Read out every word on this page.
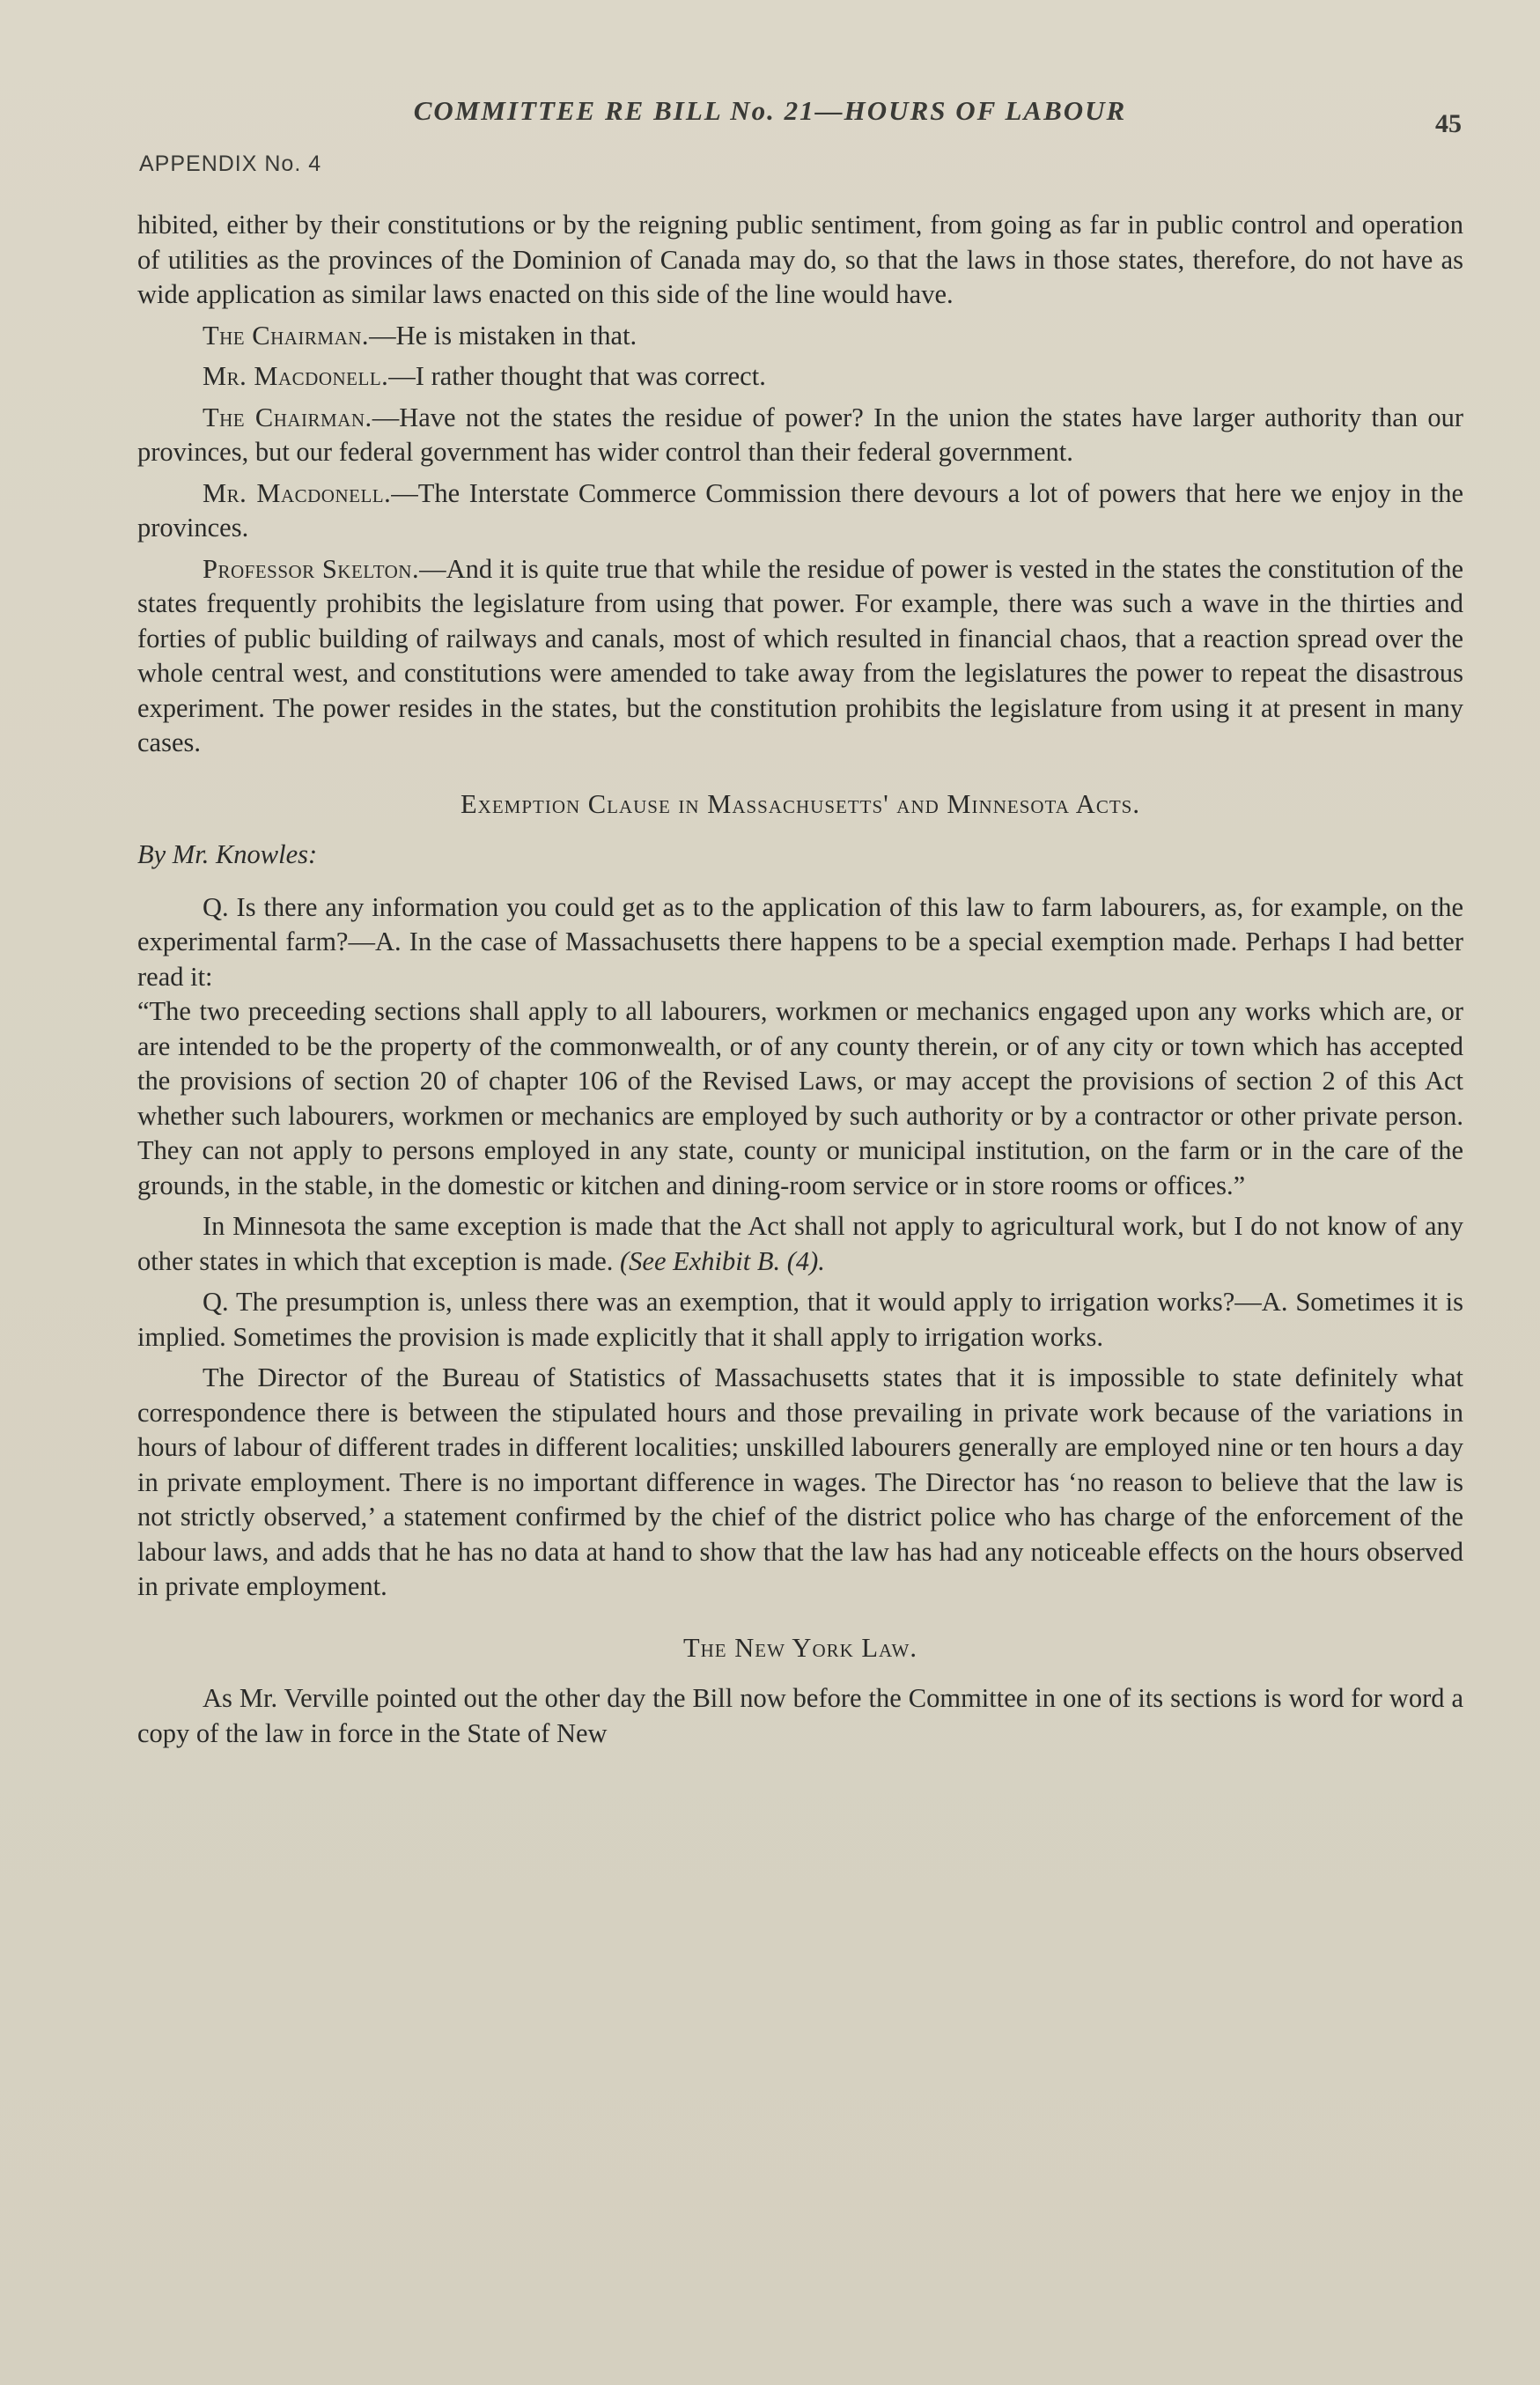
COMMITTEE RE BILL No. 21—HOURS OF LABOUR	45
APPENDIX No. 4

hibited, either by their constitutions or by the reigning public sentiment, from going as far in public control and operation of utilities as the provinces of the Dominion of Canada may do, so that the laws in those states, therefore, do not have as wide application as similar laws enacted on this side of the line would have.

The Chairman.—He is mistaken in that.

Mr. Macdonell.—I rather thought that was correct.

The Chairman.—Have not the states the residue of power? In the union the states have larger authority than our provinces, but our federal government has wider control than their federal government.

Mr. Macdonell.—The Interstate Commerce Commission there devours a lot of powers that here we enjoy in the provinces.

Professor Skelton.—And it is quite true that while the residue of power is vested in the states the constitution of the states frequently prohibits the legislature from using that power. For example, there was such a wave in the thirties and forties of public building of railways and canals, most of which resulted in financial chaos, that a reaction spread over the whole central west, and constitutions were amended to take away from the legislatures the power to repeat the disastrous experiment. The power resides in the states, but the constitution prohibits the legislature from using it at present in many cases.

Exemption Clause in Massachusetts' and Minnesota Acts.

By Mr. Knowles:

Q. Is there any information you could get as to the application of this law to farm labourers, as, for example, on the experimental farm?—A. In the case of Massachusetts there happens to be a special exemption made. Perhaps I had better read it:

“The two preceeding sections shall apply to all labourers, workmen or mechanics engaged upon any works which are, or are intended to be the property of the commonwealth, or of any county therein, or of any city or town which has accepted the provisions of section 20 of chapter 106 of the Revised Laws, or may accept the provisions of section 2 of this Act whether such labourers, workmen or mechanics are employed by such authority or by a contractor or other private person. They can not apply to persons employed in any state, county or municipal institution, on the farm or in the care of the grounds, in the stable, in the domestic or kitchen and dining-room service or in store rooms or offices.”

In Minnesota the same exception is made that the Act shall not apply to agricultural work, but I do not know of any other states in which that exception is made. (See Exhibit B. (4).

Q. The presumption is, unless there was an exemption, that it would apply to irrigation works?—A. Sometimes it is implied. Sometimes the provision is made explicitly that it shall apply to irrigation works.

The Director of the Bureau of Statistics of Massachusetts states that it is impossible to state definitely what correspondence there is between the stipulated hours and those prevailing in private work because of the variations in hours of labour of different trades in different localities; unskilled labourers generally are employed nine or ten hours a day in private employment. There is no important difference in wages. The Director has ‘no reason to believe that the law is not strictly observed,’ a statement confirmed by the chief of the district police who has charge of the enforcement of the labour laws, and adds that he has no data at hand to show that the law has had any noticeable effects on the hours observed in private employment.

The New York Law.

As Mr. Verville pointed out the other day the Bill now before the Committee in one of its sections is word for word a copy of the law in force in the State of New
